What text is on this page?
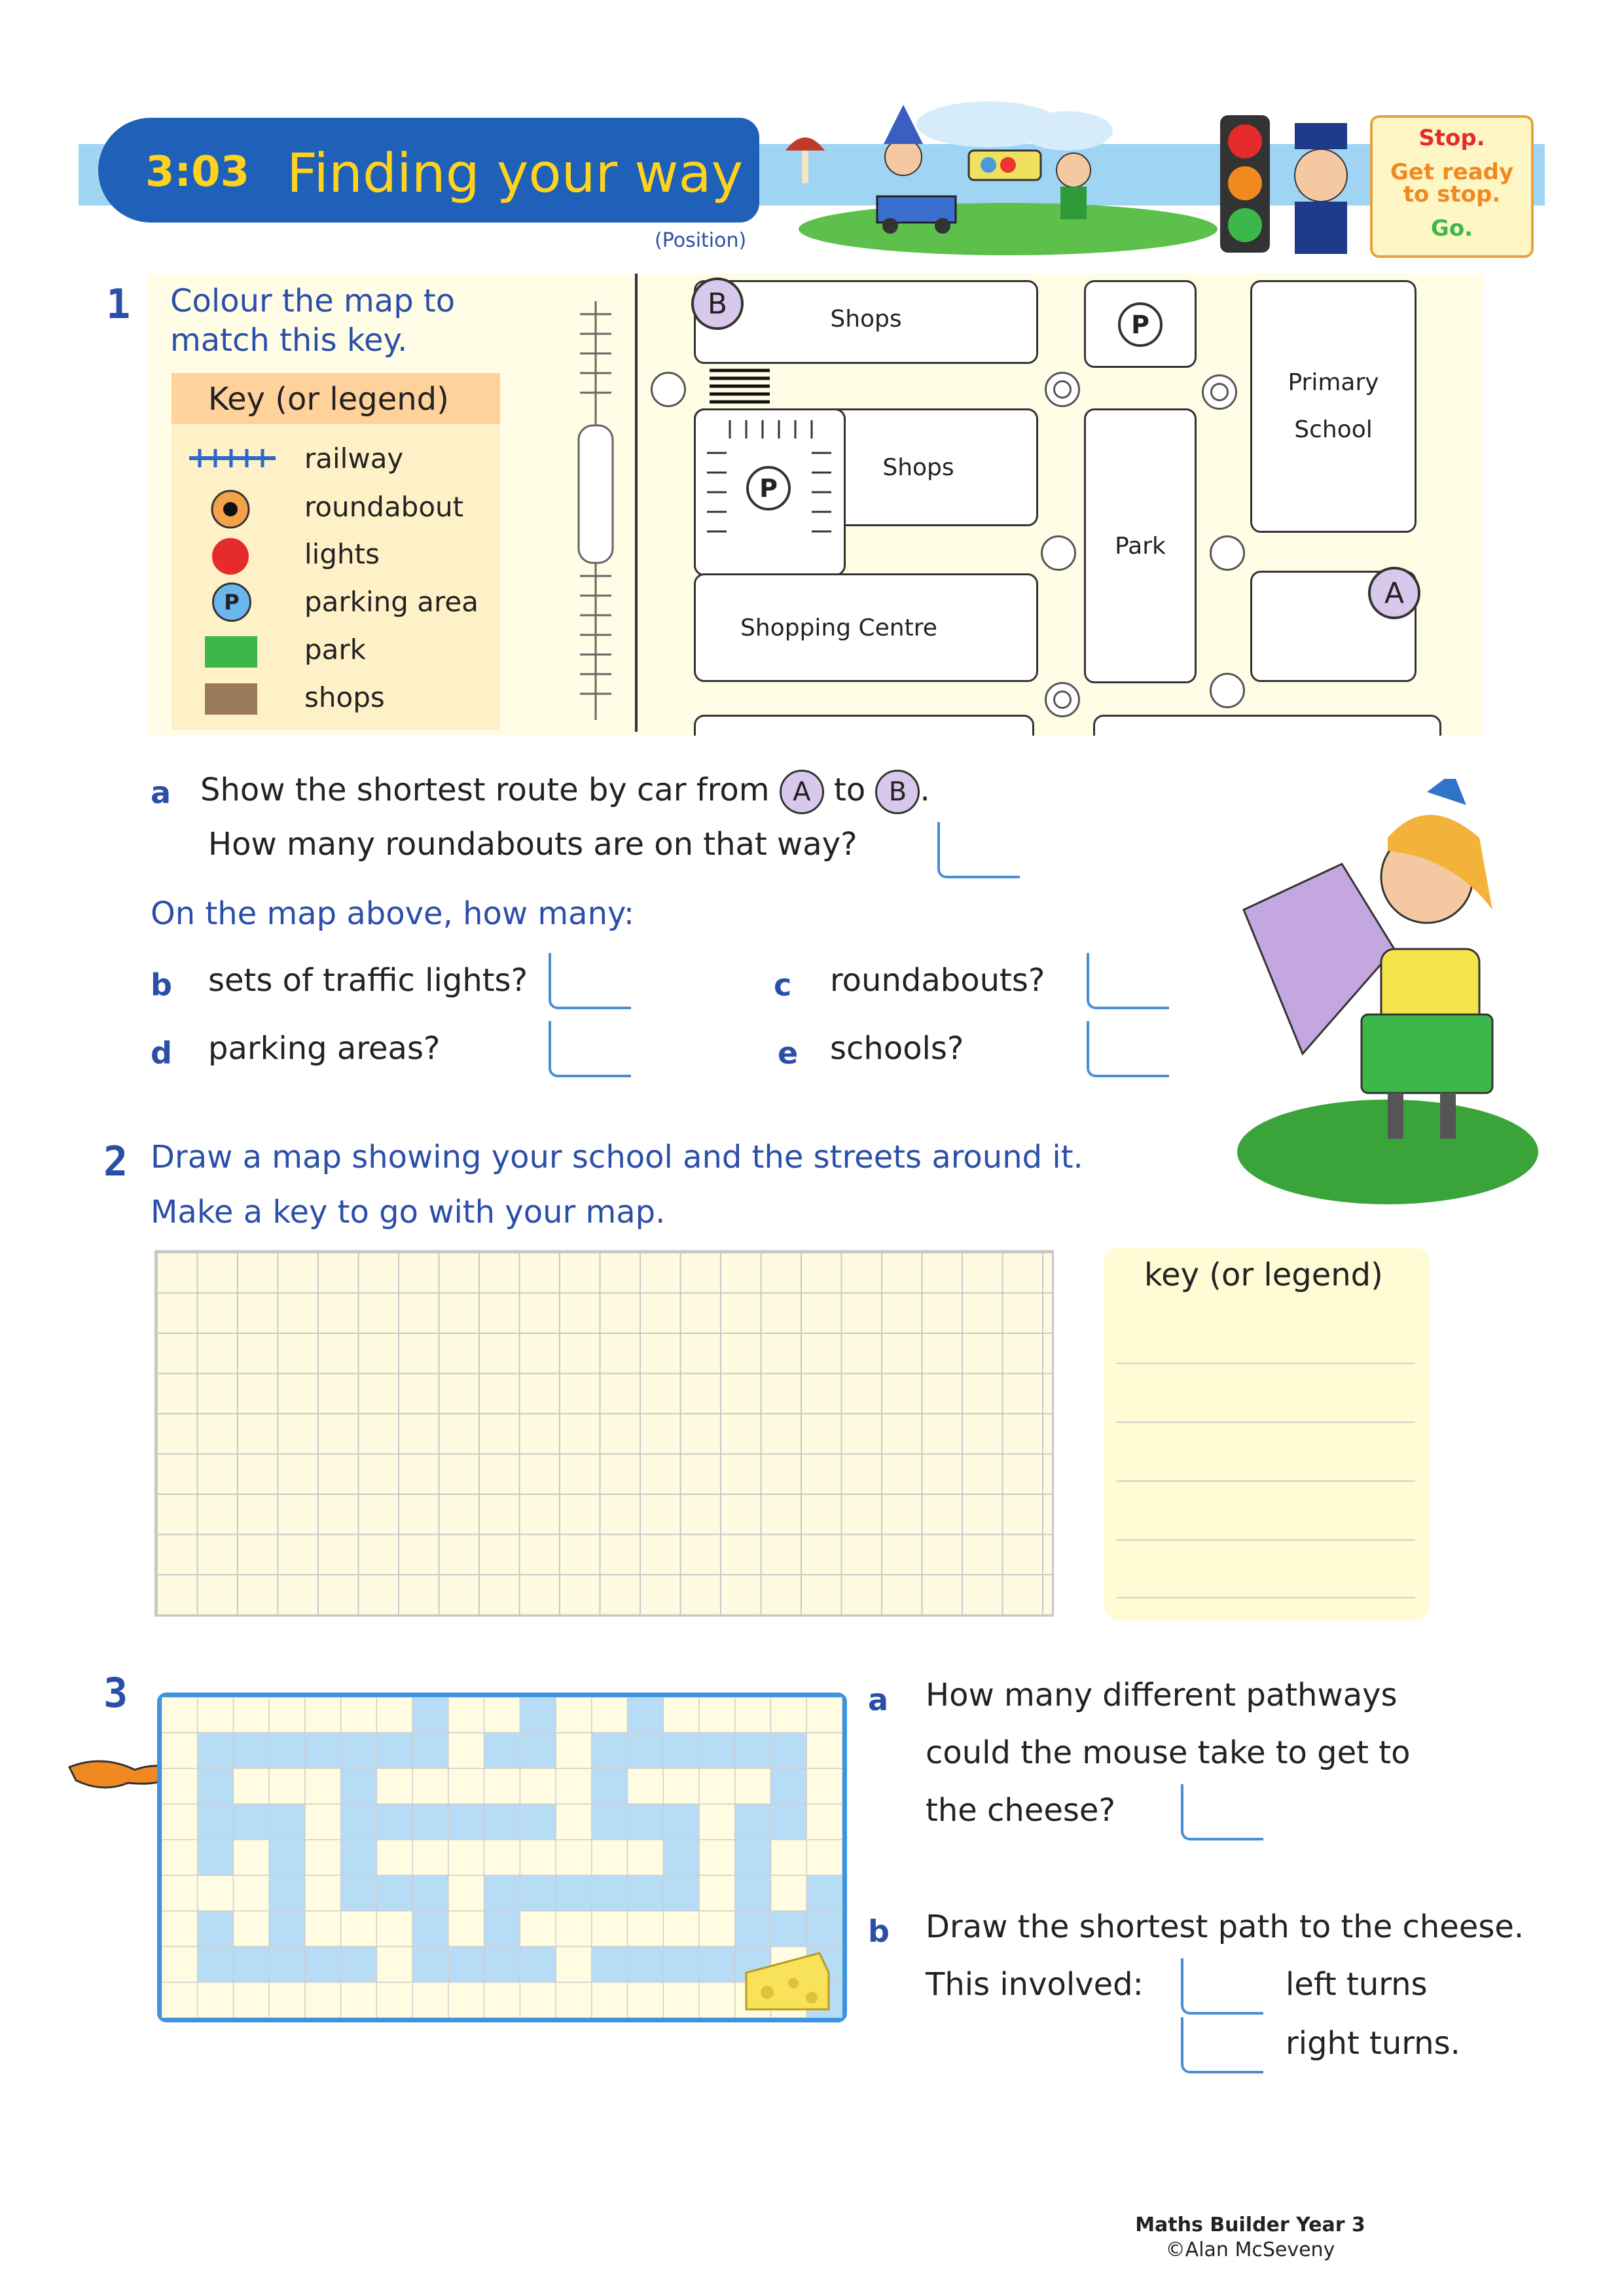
3:03 Finding your way
(Position)
Stop.
Get ready
to stop.
Go.
1 Colour the map to
match this key.
Key (or legend)
railway
roundabout
lights
P	parking area
park
shops
Shops	P
Primary
School
Shops
P
Shopping Centre
Park
B
A
a Show the shortest route by car from A to B .
How many roundabouts are on that way?
On the map above, how many:
b sets of traffic lights?	c roundabouts?
d parking areas?	e schools?
2 Draw a map showing your school and the streets around it.
Make a key to go with your map.
key (or legend)
3	a How many different pathways
could the mouse take to get to
the cheese?
b Draw the shortest path to the cheese.
This involved:	left turns
right turns.
Maths Builder Year 3
©Alan McSeveny
